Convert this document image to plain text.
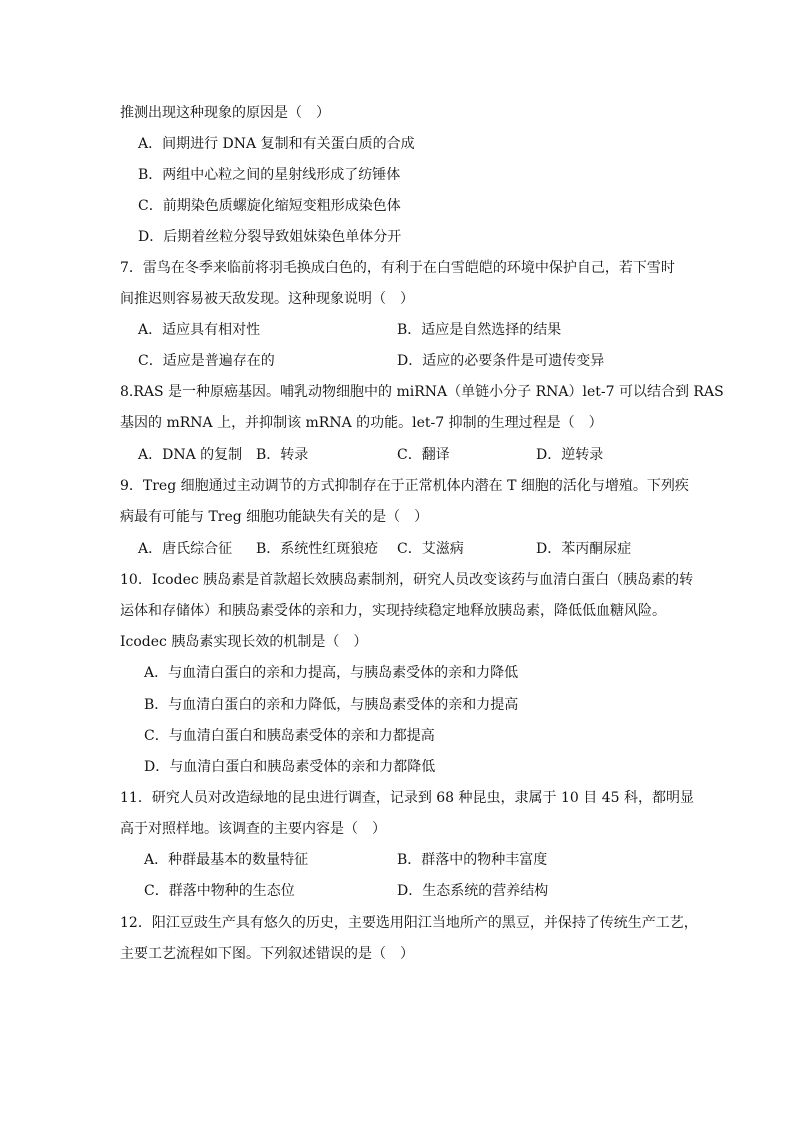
推测出现这种现象的原因是（　）
A．间期进行 DNA 复制和有关蛋白质的合成
B．两组中心粒之间的星射线形成了纺锤体
C．前期染色质螺旋化缩短变粗形成染色体
D．后期着丝粒分裂导致姐妹染色单体分开
7．雷鸟在冬季来临前将羽毛换成白色的，有利于在白雪皑皑的环境中保护自己，若下雪时
间推迟则容易被天敌发现。这种现象说明（　）
A．适应具有相对性	B．适应是自然选择的结果
C．适应是普遍存在的	D．适应的必要条件是可遗传变异
8.RAS 是一种原癌基因。哺乳动物细胞中的 miRNA（单链小分子 RNA）let-7 可以结合到 RAS
基因的 mRNA 上，并抑制该 mRNA 的功能。let-7 抑制的生理过程是（　）
A．DNA 的复制 B．转录	C．翻译	D．逆转录
9．Treg 细胞通过主动调节的方式抑制存在于正常机体内潜在 T 细胞的活化与增殖。下列疾
病最有可能与 Treg 细胞功能缺失有关的是（　）
A．唐氏综合征 B．系统性红斑狼疮 C．艾滋病	D．苯丙酮尿症
10．Icodec 胰岛素是首款超长效胰岛素制剂，研究人员改变该药与血清白蛋白（胰岛素的转
运体和存储体）和胰岛素受体的亲和力，实现持续稳定地释放胰岛素，降低低血糖风险。
Icodec 胰岛素实现长效的机制是（　）
A．与血清白蛋白的亲和力提高，与胰岛素受体的亲和力降低
B．与血清白蛋白的亲和力降低，与胰岛素受体的亲和力提高
C．与血清白蛋白和胰岛素受体的亲和力都提高
D．与血清白蛋白和胰岛素受体的亲和力都降低
11．研究人员对改造绿地的昆虫进行调查，记录到 68 种昆虫，隶属于 10 目 45 科，都明显
高于对照样地。该调查的主要内容是（　）
A．种群最基本的数量特征	B．群落中的物种丰富度
C．群落中物种的生态位	D．生态系统的营养结构
12．阳江豆豉生产具有悠久的历史，主要选用阳江当地所产的黑豆，并保持了传统生产工艺，
主要工艺流程如下图。下列叙述错误的是（　）
